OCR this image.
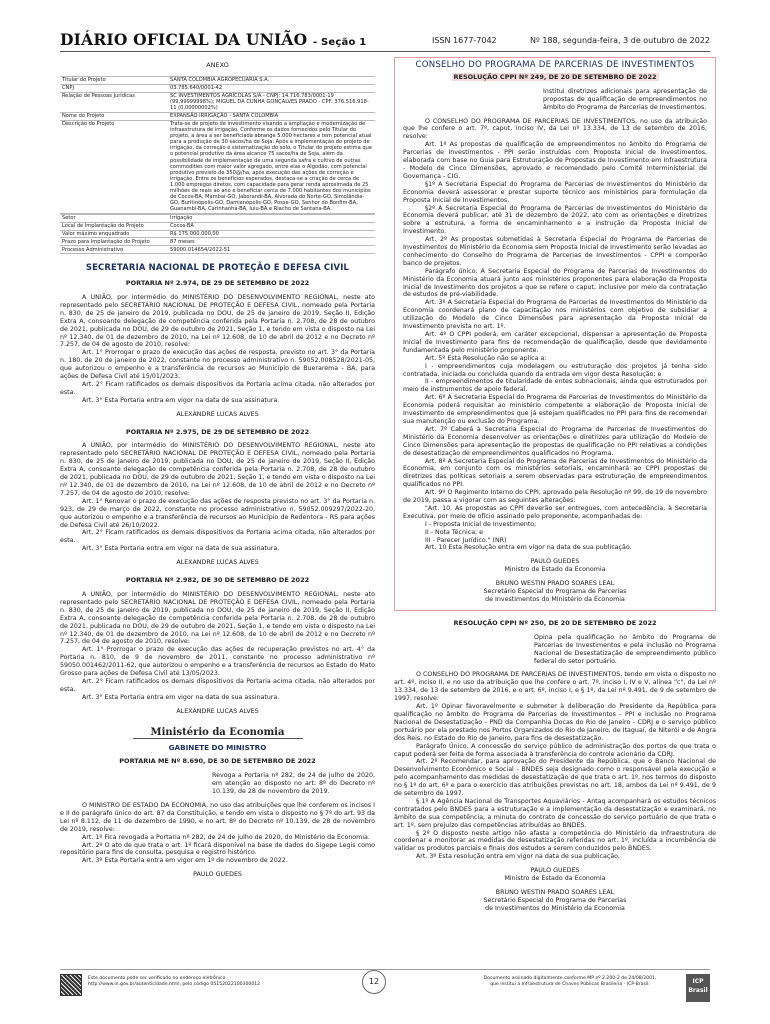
DIÁRIO OFICIAL DA UNIÃO - Seção 1	ISSN 1677-7042	Nº 188, segunda-feira, 3 de outubro de 2022

ANEXO

Titular do Projeto	SANTA COLOMBIA AGROPECUARIA S.A.
CNPJ	03.785.640/0001-42
Relação de Pessoas Jurídicas	SC INVESTIMENTOS AGRÍCOLAS S/A - CNPJ: 14.716.783/0001-19 (99,99999998%); MIGUEL DA CUNHA GONÇALVES PRADO - CPF: 376.516.918-11 (0,00000002%)
Nome do Projeto	EXPANSÃO IRRIGAÇÃO - SANTA COLOMBIA
Descrição do Projeto	Trata-se de projeto de investimento visando a ampliação e modernização de infraestrutura de irrigação. Conforme os dados fornecidos pelo Titular do projeto, a área a ser beneficiada abrange 5.000 hectares e tem potencial atual para a produção de 30 sacos/ha de Soja. Após a implementação do projeto de irrigação, da correção e sistematização do solo, o Titular do projeto estima que o potencial produtivo da área alcance 75 sacos/ha de Soja, além da possibilidade de implementação de uma segunda safra e cultivo de outras commodities com maior valor agregado, entre elas o Algodão, com potencial produtivo previsto de 350@/ha, após execução das ações de correção e irrigação. Entre os benefícios esperados, destaca-se a criação de cerca de 1.000 empregos diretos, com capacidade para gerar renda aproximada de 25 milhões de reais ao ano e beneficiar cerca de 7.000 habitantes dos municípios de Cocos-BA, Mambaí-GO, Jaborandi-BA, Alvorada do Norte-GO, Simolândia-GO, Buritinópolis-GO, Damianópolis-GO, Posse-GO, Senhor do Bonfim-BA, Guanambi-BA, Carinhanha-BA, Iuiu-BA e Riacho de Santana-BA.
Setor	Irrigação
Local de Implantação do Projeto	Cocos-BA
Valor máximo enquadrado	R$ 175.000.000,00
Prazo para Implantação do Projeto	87 meses
Processo Administrativo	59000.014654/2022-51
SECRETARIA NACIONAL DE PROTEÇÃO E DEFESA CIVIL

PORTARIA Nº 2.974, DE 29 DE SETEMBRO DE 2022

A UNIÃO, por intermédio do MINISTÉRIO DO DESENVOLVIMENTO REGIONAL, neste ato representado pelo SECRETÁRIO NACIONAL DE PROTEÇÃO E DEFESA CIVIL, nomeado pela Portaria n. 830, de 25 de janeiro de 2019, publicada no DOU, de 25 de janeiro de 2019, Seção II, Edição Extra A, consoante delegação de competência conferida pela Portaria n. 2.708, de 28 de outubro de 2021, publicada no DOU, de 29 de outubro de 2021, Seção 1, e tendo em vista o disposto na Lei nº 12.340, de 01 de dezembro de 2010, na Lei nº 12.608, de 10 de abril de 2012 e no Decreto nº 7.257, de 04 de agosto de 2010, resolve:

Art. 1° Prorrogar o prazo de execução das ações de resposta, previsto no art. 3° da Portaria n. 180, de 20 de janeiro de 2022, constante no processo administrativo n. 59052.008528/2021-05, que autorizou o empenho e a transferência de recursos ao Município de Buerarema - BA, para ações de Defesa Civil até 15/01/2023.

Art. 2° Ficam ratificados os demais dispositivos da Portaria acima citada, não alterados por esta.

Art. 3° Esta Portaria entra em vigor na data de sua assinatura.

ALEXANDRE LUCAS ALVES

PORTARIA Nº 2.975, DE 29 DE SETEMBRO DE 2022

A UNIÃO, por intermédio do MINISTÉRIO DO DESENVOLVIMENTO REGIONAL, neste ato representado pelo SECRETÁRIO NACIONAL DE PROTEÇÃO E DEFESA CIVIL, nomeado pela Portaria n. 830, de 25 de janeiro de 2019, publicada no DOU, de 25 de janeiro de 2019, Seção II, Edição Extra A, consoante delegação de competência conferida pela Portaria n. 2.708, de 28 de outubro de 2021, publicada no DOU, de 29 de outubro de 2021, Seção 1, e tendo em vista o disposto na Lei nº 12.340, de 01 de dezembro de 2010, na Lei nº 12.608, de 10 de abril de 2012 e no Decreto nº 7.257, de 04 de agosto de 2010, resolve:

Art. 1° Renovar o prazo de execução das ações de resposta previsto no art. 3° da Portaria n. 923, de 29 de março de 2022, constante no processo administrativo n. 59052.009297/2022-20, que autorizou o empenho e a transferência de recursos ao Município de Redentora - RS para ações de Defesa Civil até 26/10/2022.

Art. 2° Ficam ratificados os demais dispositivos da Portaria acima citada, não alterados por esta.

Art. 3° Esta Portaria entra em vigor na data de sua assinatura.

ALEXANDRE LUCAS ALVES

PORTARIA Nº 2.982, DE 30 DE SETEMBRO DE 2022

A UNIÃO, por intermédio do MINISTÉRIO DO DESENVOLVIMENTO REGIONAL, neste ato representado pelo SECRETÁRIO NACIONAL DE PROTEÇÃO E DEFESA CIVIL, nomeado pela Portaria n. 830, de 25 de janeiro de 2019, publicada no DOU, de 25 de janeiro de 2019, Seção II, Edição Extra A, consoante delegação de competência conferida pela Portaria n. 2.708, de 28 de outubro de 2021, publicada no DOU, de 29 de outubro de 2021, Seção 1, e tendo em vista o disposto na Lei nº 12.340, de 01 de dezembro de 2010, na Lei nº 12.608, de 10 de abril de 2012 e no Decreto nº 7.257, de 04 de agosto de 2010, resolve:

Art. 1° Prorrogar o prazo de execução das ações de recuperação previstos no art. 4° da Portaria n. 810, de 9 de novembro de 2011, constante no processo administrativo nº 59050.001462/2011-62, que autorizou o empenho e a transferência de recursos ao Estado do Mato Grosso para ações de Defesa Civil até 13/05/2023.

Art. 2° Ficam ratificados os demais dispositivos da Portaria acima citada, não alterados por esta.

Art. 3° Esta Portaria entra em vigor na data de sua assinatura.

ALEXANDRE LUCAS ALVES

Ministério da Economia
GABINETE DO MINISTRO

PORTARIA ME Nº 8.690, DE 30 DE SETEMBRO DE 2022

Revoga a Portaria nº 282, de 24 de julho de 2020, em atenção ao disposto no art. 8º do Decreto nº 10.139, de 28 de novembro de 2019.

O MINISTRO DE ESTADO DA ECONOMIA, no uso das atribuições que lhe conferem os incisos I e II do parágrafo único do art. 87 da Constituição, e tendo em vista o disposto no § 7º do art. 93 da Lei nº 8.112, de 11 de dezembro de 1990, e no art. 8º do Decreto nº 10.139, de 28 de novembro de 2019, resolve:

Art. 1º Fica revogada a Portaria nº 282, de 24 de julho de 2020, do Ministério da Economia.

Art. 2º O ato de que trata o art. 1º ficará disponível na base de dados do Sigepe Legis como repositório para fins de consulta, pesquisa e registro histórico.

Art. 3º Esta Portaria entra em vigor em 1º de novembro de 2022.

PAULO GUEDES

CONSELHO DO PROGRAMA DE PARCERIAS DE INVESTIMENTOS
RESOLUÇÃO CPPI Nº 249, DE 20 DE SETEMBRO DE 2022

Institui diretrizes adicionais para apresentação de propostas de qualificação de empreendimentos no âmbito do Programa de Parcerias de Investimentos.

O CONSELHO DO PROGRAMA DE PARCERIAS DE INVESTIMENTOS, no uso da atribuição que lhe confere o art. 7º, caput, inciso IV, da Lei nº 13.334, de 13 de setembro de 2016, resolve:

Art. 1º As propostas de qualificação de empreendimentos no âmbito do Programa de Parcerias de Investimentos - PPI serão instruídas com Proposta Inicial de Investimentos, elaborada com base no Guia para Estruturação de Propostas de Investimento em Infraestrutura - Modelo de Cinco Dimensões, aprovado e recomendado pelo Comitê Interministerial de Governança - CIG.

§1º A Secretaria Especial do Programa de Parcerias de Investimentos do Ministério da Economia deverá assessorar e prestar suporte técnico aos ministérios para formulação da Proposta Inicial de Investimentos.

§2º A Secretaria Especial do Programa de Parcerias de Investimentos do Ministério da Economia deverá publicar, até 31 de dezembro de 2022, ato com as orientações e diretrizes sobre a estrutura, a forma de encaminhamento e a instrução da Proposta Inicial de Investimento.

Art. 2º As propostas submetidas à Secretaria Especial do Programa de Parcerias de Investimentos do Ministério da Economia sem Proposta Inicial de Investimento serão levadas ao conhecimento do Conselho do Programa de Parcerias de Investimentos - CPPI e comporão banco de projetos.

Parágrafo único. A Secretaria Especial do Programa de Parcerias de Investimentos do Ministério da Economia atuará junto aos ministérios proponentes para elaboração da Proposta Inicial de Investimento dos projetos a que se refere o caput, inclusive por meio da contratação de estudos de pré-viabilidade.

Art. 3º A Secretaria Especial do Programa de Parcerias de Investimentos do Ministério da Economia coordenará plano de capacitação nos ministérios com objetivo de subsidiar a utilização do Modelo de Cinco Dimensões para apresentação da Proposta Inicial de Investimento prevista no art. 1º.

Art. 4º O CPPI poderá, em caráter excepcional, dispensar a apresentação de Proposta Inicial de Investimento para fins de recomendação de qualificação, desde que devidamente fundamentada pelo ministério proponente.

Art. 5º Esta Resolução não se aplica a:

I - empreendimentos cuja modelagem ou estruturação dos projetos já tenha sido contratada, iniciada ou concluída quando da entrada em vigor desta Resolução; e

II - empreendimentos de titularidade de entes subnacionais, ainda que estruturados por meio de instrumentos de apoio federal.

Art. 6º A Secretaria Especial do Programa de Parcerias de Investimentos do Ministério da Economia poderá requisitar ao ministério competente a elaboração de Proposta Inicial de Investimento de empreendimentos que já estejam qualificados no PPI para fins de recomendar sua manutenção ou exclusão do Programa.

Art. 7º Caberá à Secretaria Especial do Programa de Parcerias de Investimentos do Ministério da Economia desenvolver as orientações e diretrizes para utilização do Modelo de Cinco Dimensões para apresentação de propostas de qualificação no PPI relativas a condições de desestatização de empreendimentos qualificados no Programa.

Art. 8º A Secretaria Especial do Programa de Parcerias de Investimentos do Ministério da Economia, em conjunto com os ministérios setoriais, encaminhará ao CPPI propostas de diretrizes das políticas setoriais a serem observadas para estruturação de empreendimentos qualificados no PPI.

Art. 9º O Regimento Interno do CPPI, aprovado pela Resolução nº 99, de 19 de novembro de 2019, passa a vigorar com as seguintes alterações:

"Art. 10. As propostas ao CPPI deverão ser entregues, com antecedência, à Secretaria Executiva, por meio de ofício assinado pelo proponente, acompanhadas de:

I - Proposta Inicial de Investimento;

II - Nota Técnica; e

III - Parecer Jurídico." (NR)

Art. 10 Esta Resolução entra em vigor na data de sua publicação.

PAULO GUEDES

Ministro de Estado da Economia

BRUNO WESTIN PRADO SOARES LEAL

Secretário Especial do Programa de Parcerias

de Investimentos do Ministério da Economia

RESOLUÇÃO CPPI Nº 250, DE 20 DE SETEMBRO DE 2022

Opina pela qualificação no âmbito do Programa de Parcerias de Investimentos e pela inclusão no Programa Nacional de Desestatização de empreendimento público federal do setor portuário.

O CONSELHO DO PROGRAMA DE PARCERIAS DE INVESTIMENTOS, tendo em vista o disposto no art. 4º, inciso II, e no uso da atribuição que lhe confere o art. 7º, inciso I, IV e V, alínea "c", da Lei nº 13.334, de 13 de setembro de 2016, e o art. 6º, inciso I, e § 1º, da Lei nº 9.491, de 9 de setembro de 1997, resolve:

Art. 1º Opinar favoravelmente e submeter à deliberação do Presidente da República para qualificação no âmbito do Programa de Parcerias de Investimentos - PPI e inclusão no Programa Nacional de Desestatização - PND da Companhia Docas do Rio de Janeiro - CDRJ e o serviço público portuário por ela prestado nos Portos Organizados do Rio de Janeiro, de Itaguaí, de Niterói e de Angra dos Reis, no Estado do Rio de Janeiro, para fins de desestatização.

Parágrafo Único. A concessão do serviço público de administração dos portos de que trata o caput poderá ser feita de forma associada à transferência do controle acionário da CDRJ.

Art. 2º Recomendar, para aprovação do Presidente da República, que o Banco Nacional de Desenvolvimento Econômico e Social - BNDES seja designado como o responsável pela execução e pelo acompanhamento das medidas de desestatização de que trata o art. 1º, nos termos do disposto no § 1º do art. 6º e para o exercício das atribuições previstas no art. 18, ambos da Lei nº 9.491, de 9 de setembro de 1997.

§ 1º A Agência Nacional de Transportes Aquaviários - Antaq acompanhará os estudos técnicos contratados pelo BNDES para a estruturação e a implementação da desestatização e examinará, no âmbito de sua competência, a minuta do contrato de concessão do serviço portuário de que trata o art. 1º, sem prejuízo das competências atribuídas ao BNDES.

§ 2º O disposto neste artigo não afasta a competência do Ministério da Infraestrutura de coordenar e monitorar as medidas de desestatização referidas no art. 1º, incluída a incumbência de validar os produtos parciais e finais dos estudos a serem conduzidos pelo BNDES.

Art. 3º Esta resolução entra em vigor na data de sua publicação.

PAULO GUEDES

Ministro de Estado da Economia

BRUNO WESTIN PRADO SOARES LEAL

Secretário Especial do Programa de Parcerias

de Investimentos do Ministério da Economia

Este documento pode ser verificado no endereço eletrônico
http://www.in.gov.br/autenticidade.html, pelo código 05152022100300012	12	Documento assinado digitalmente conforme MP nº 2.200-2 de 24/08/2001,
que institui a Infraestrutura de Chaves Públicas Brasileira - ICP-Brasil.	ICP
Brasil
